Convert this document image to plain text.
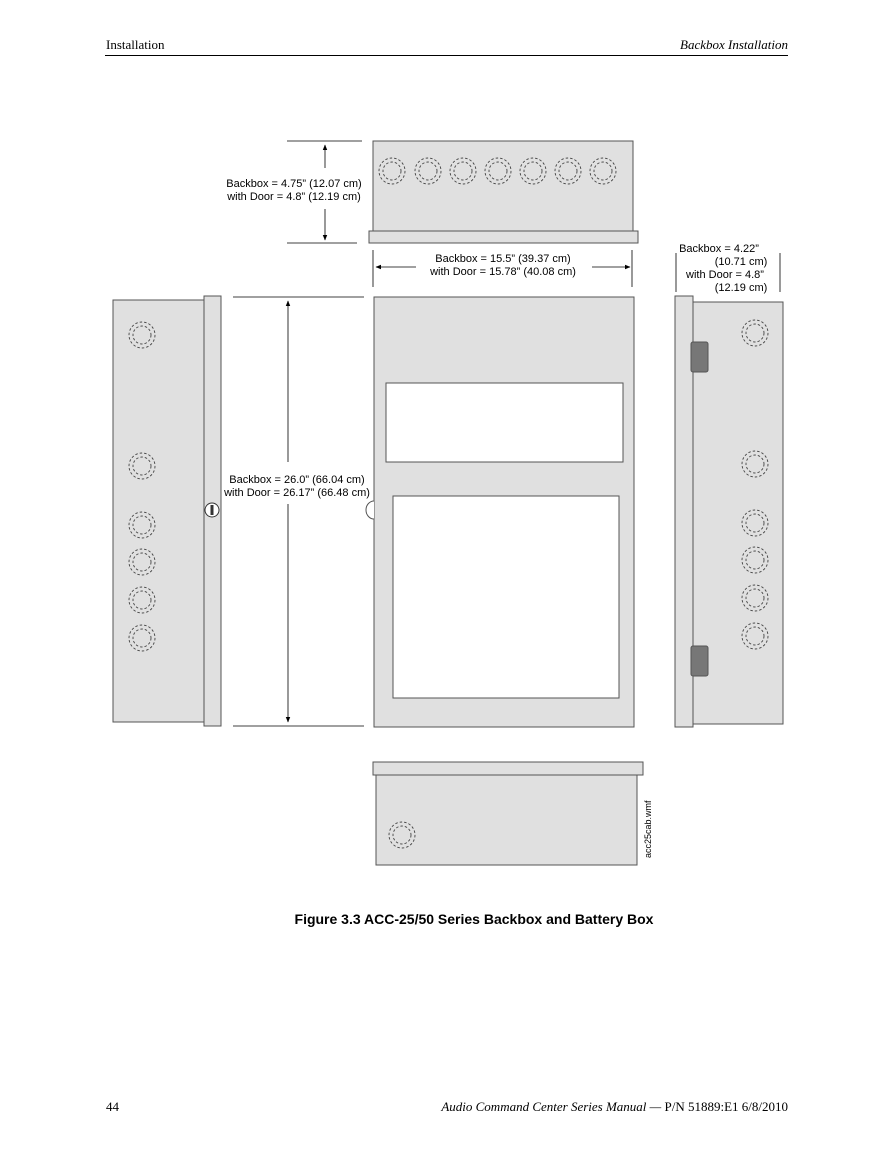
Installation	Backbox Installation
Backbox = 4.75” (12.07 cm)
with Door = 4.8” (12.19 cm)
Backbox = 15.5” (39.37 cm)
with Door = 15.78” (40.08 cm)
Backbox = 4.22”
(10.71 cm)
with Door = 4.8”
(12.19 cm)
Backbox = 26.0” (66.04 cm)
with Door = 26.17” (66.48 cm)
acc25cab.wmf
Figure 3.3 ACC-25/50 Series Backbox and Battery Box
44	Audio Command Center Series Manual — P/N 51889:E1 6/8/2010
